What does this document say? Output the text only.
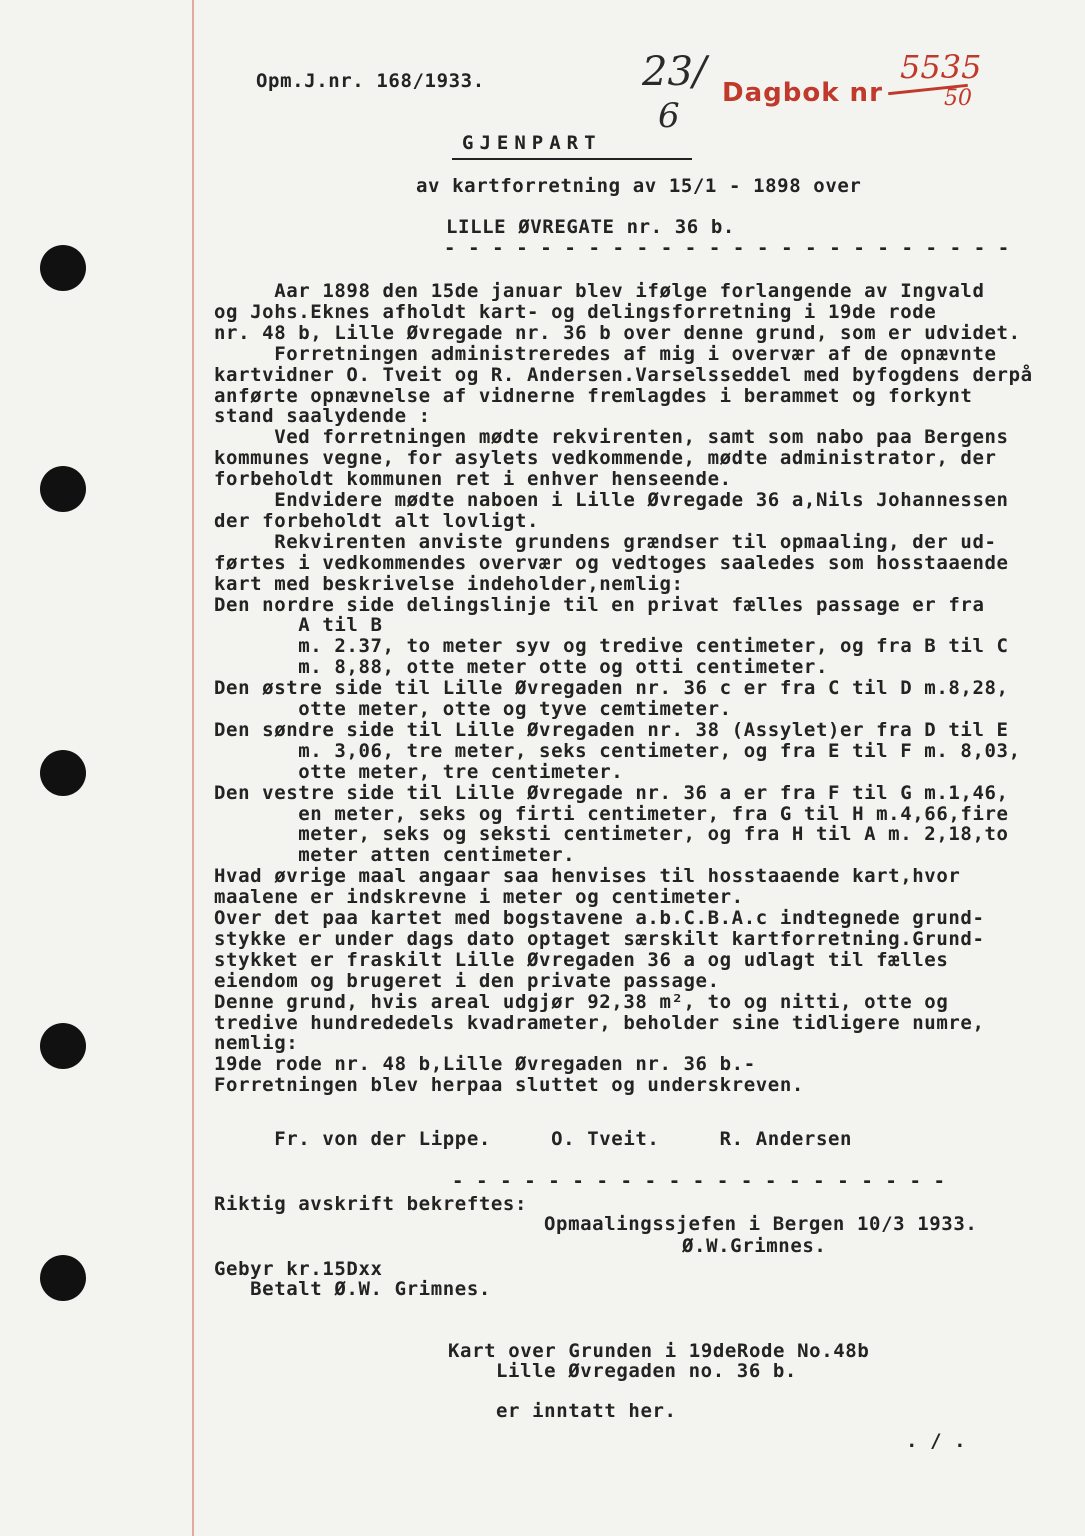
Opm.J.nr. 168/1933.	23/
6
Dagbok nr
5535
50
GJENPART
av kartforretning av 15/1 - 1898 over
LILLE ØVREGATE nr. 36 b.
- - - - - - - - - - - - - - - - - - - - - - - -
Aar 1898 den 15de januar blev ifølge forlangende av Ingvald
og Johs.Eknes afholdt kart- og delingsforretning i 19de rode
nr. 48 b, Lille Øvregade nr. 36 b over denne grund, som er udvidet.
Forretningen administreredes af mig i overvær af de opnævnte
kartvidner O. Tveit og R. Andersen.Varselsseddel med byfogdens derpå
anførte opnævnelse af vidnerne fremlagdes i berammet og forkynt
stand saalydende :
Ved forretningen mødte rekvirenten, samt som nabo paa Bergens
kommunes vegne, for asylets vedkommende, mødte administrator, der
forbeholdt kommunen ret i enhver henseende.
Endvidere mødte naboen i Lille Øvregade 36 a,Nils Johannessen
der forbeholdt alt lovligt.
Rekvirenten anviste grundens grændser til opmaaling, der ud-
førtes i vedkommendes overvær og vedtoges saaledes som hosstaaende
kart med beskrivelse indeholder,nemlig:
Den nordre side delingslinje til en privat fælles passage er fra
A til B
m. 2.37, to meter syv og tredive centimeter, og fra B til C
m. 8,88, otte meter otte og otti centimeter.
Den østre side til Lille Øvregaden nr. 36 c er fra C til D m.8,28,
otte meter, otte og tyve cemtimeter.
Den søndre side til Lille Øvregaden nr. 38 (Assylet)er fra D til E
m. 3,06, tre meter, seks centimeter, og fra E til F m. 8,03,
otte meter, tre centimeter.
Den vestre side til Lille Øvregade nr. 36 a er fra F til G m.1,46,
en meter, seks og firti centimeter, fra G til H m.4,66,fire
meter, seks og seksti centimeter, og fra H til A m. 2,18,to
meter atten centimeter.
Hvad øvrige maal angaar saa henvises til hosstaaende kart,hvor
maalene er indskrevne i meter og centimeter.
Over det paa kartet med bogstavene a.b.C.B.A.c indtegnede grund-
stykke er under dags dato optaget særskilt kartforretning.Grund-
stykket er fraskilt Lille Øvregaden 36 a og udlagt til fælles
eiendom og brugeret i den private passage.
Denne grund, hvis areal udgjør 92,38 m², to og nitti, otte og
tredive hundrededels kvadrameter, beholder sine tidligere numre,
nemlig:
19de rode nr. 48 b,Lille Øvregaden nr. 36 b.-
Forretningen blev herpaa sluttet og underskreven.
Fr. von der Lippe.     O. Tveit.     R. Andersen
- - - - - - - - - - - - - - - - - - - - -
Riktig avskrift bekreftes:
Opmaalingssjefen i Bergen 10/3 1933.
Ø.W.Grimnes.
Gebyr kr.15Dxx
Betalt Ø.W. Grimnes.
Kart over Grunden i 19deRode No.48b
Lille Øvregaden no. 36 b.
er inntatt her.
. / .
